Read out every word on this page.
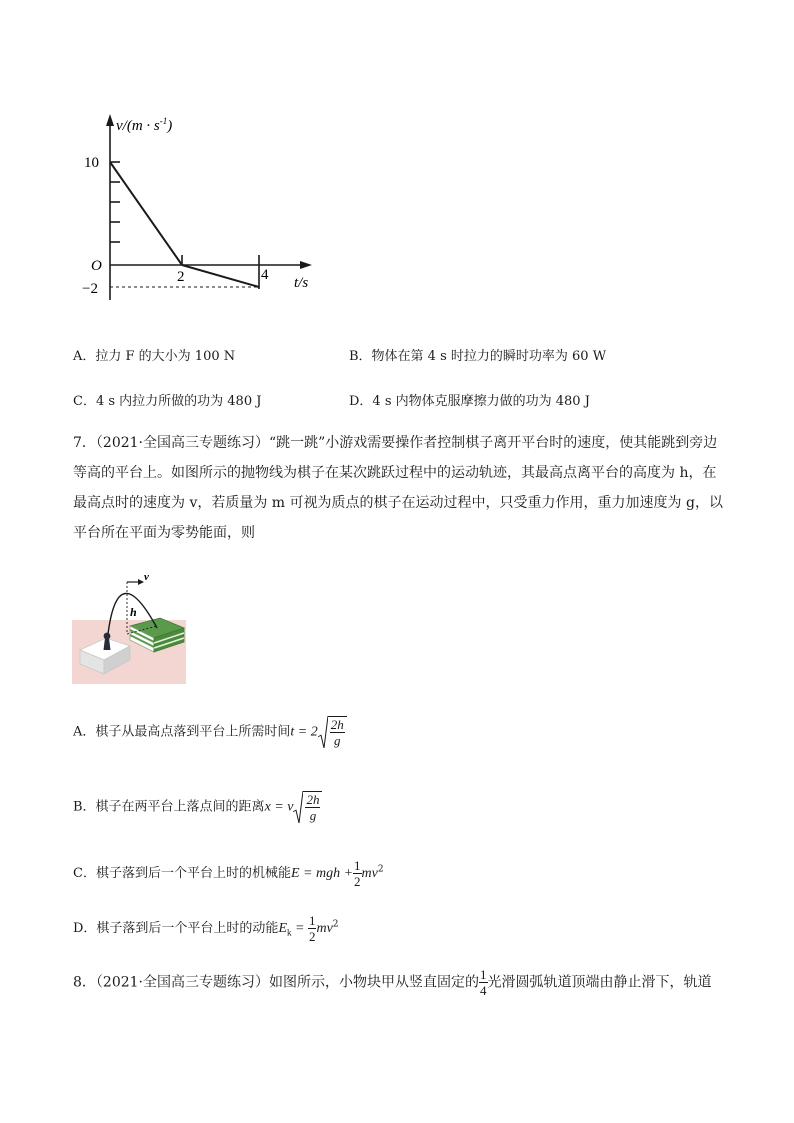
$v/(m \cdot s^{-1})$
10
O
−2
2	4 t/s
A．拉力 F 的大小为 100 N	B．物体在第 4 s 时拉力的瞬时功率为 60 W
C．4 s 内拉力所做的功为 480 J	D．4 s 内物体克服摩擦力做的功为 480 J
7．（2021·全国高三专题练习）“跳一跳”小游戏需要操作者控制棋子离开平台时的速度，使其能跳到旁边
等高的平台上。如图所示的抛物线为棋子在某次跳跃过程中的运动轨迹，其最高点离平台的高度为 h，在
最高点时的速度为 v，若质量为 m 可视为质点的棋子在运动过程中，只受重力作用，重力加速度为 g，以
平台所在平面为零势能面，则
v
h
A．棋子从最高点落到平台上所需时间$t = 2 \frac{2h}{g}$
B．棋子在两平台上落点间的距离x = v $\frac{2h}{g}$
C．棋子落到后一个平台上时的机械能E = mgh + $\frac{1}{2} mv^2$
D．棋子落到后一个平台上时的动能$E_k = \frac{1}{2} mv^2$
8．（2021·全国高三专题练习）如图所示，小物块甲从竖直固定的 $\frac{1}{4}$ 光滑圆弧轨道顶端由静止滑下，轨道
